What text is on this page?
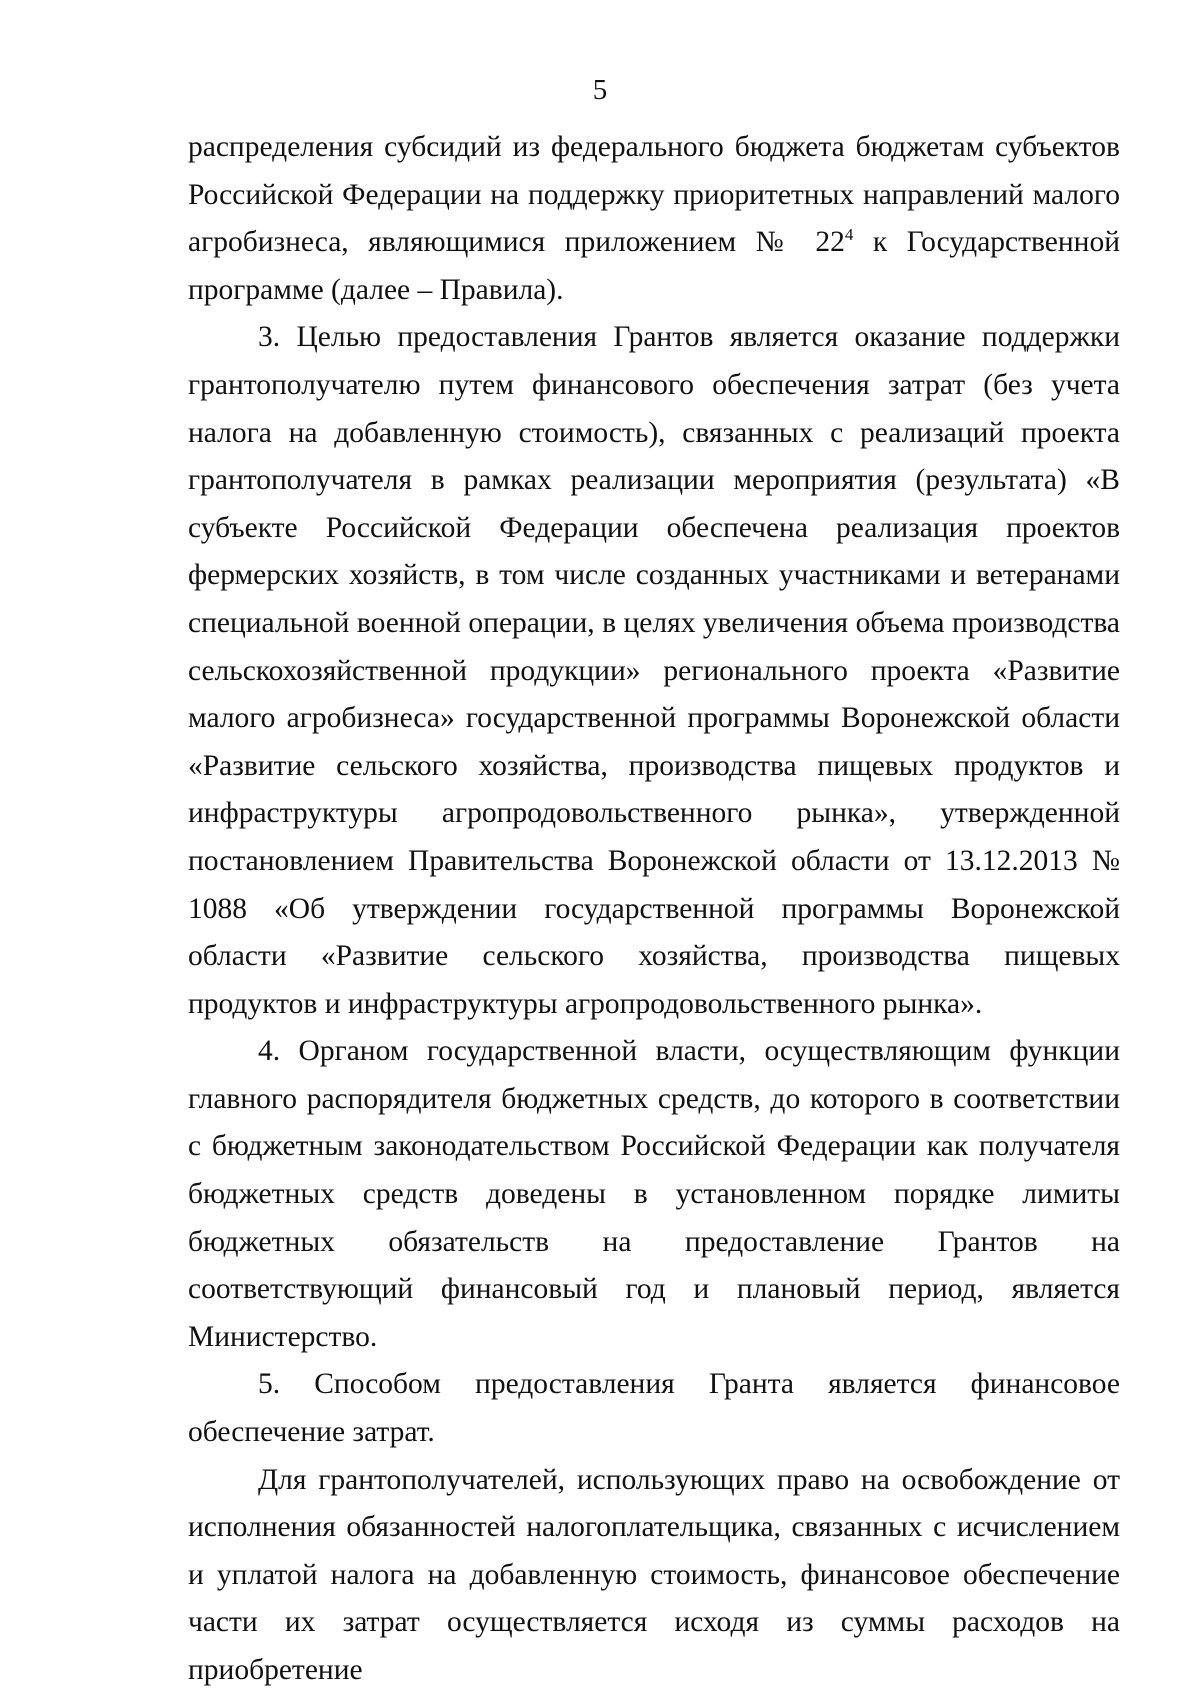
5

распределения субсидий из федерального бюджета бюджетам субъектов Российской Федерации на поддержку приоритетных направлений малого агробизнеса, являющимися приложением № $22^4$ к Государственной программе (далее – Правила).

3. Целью предоставления Грантов является оказание поддержки грантополучателю путем финансового обеспечения затрат (без учета налога на добавленную стоимость), связанных с реализаций проекта грантополучателя в рамках реализации мероприятия (результата) «В субъекте Российской Федерации обеспечена реализация проектов фермерских хозяйств, в том числе созданных участниками и ветеранами специальной военной операции, в целях увеличения объема производства сельскохозяйственной продукции» регионального проекта «Развитие малого агробизнеса» государственной программы Воронежской области «Развитие сельского хозяйства, производства пищевых продуктов и инфраструктуры агропродовольственного рынка», утвержденной постановлением Правительства Воронежской области от 13.12.2013 № 1088 «Об утверждении государственной программы Воронежской области «Развитие сельского хозяйства, производства пищевых продуктов и инфраструктуры агропродовольственного рынка».

4. Органом государственной власти, осуществляющим функции главного распорядителя бюджетных средств, до которого в соответствии с бюджетным законодательством Российской Федерации как получателя бюджетных средств доведены в установленном порядке лимиты бюджетных обязательств на предоставление Грантов на соответствующий финансовый год и плановый период, является Министерство.

5. Способом предоставления Гранта является финансовое обеспечение затрат.

Для грантополучателей, использующих право на освобождение от исполнения обязанностей налогоплательщика, связанных с исчислением и уплатой налога на добавленную стоимость, финансовое обеспечение части их затрат осуществляется исходя из суммы расходов на приобретение
